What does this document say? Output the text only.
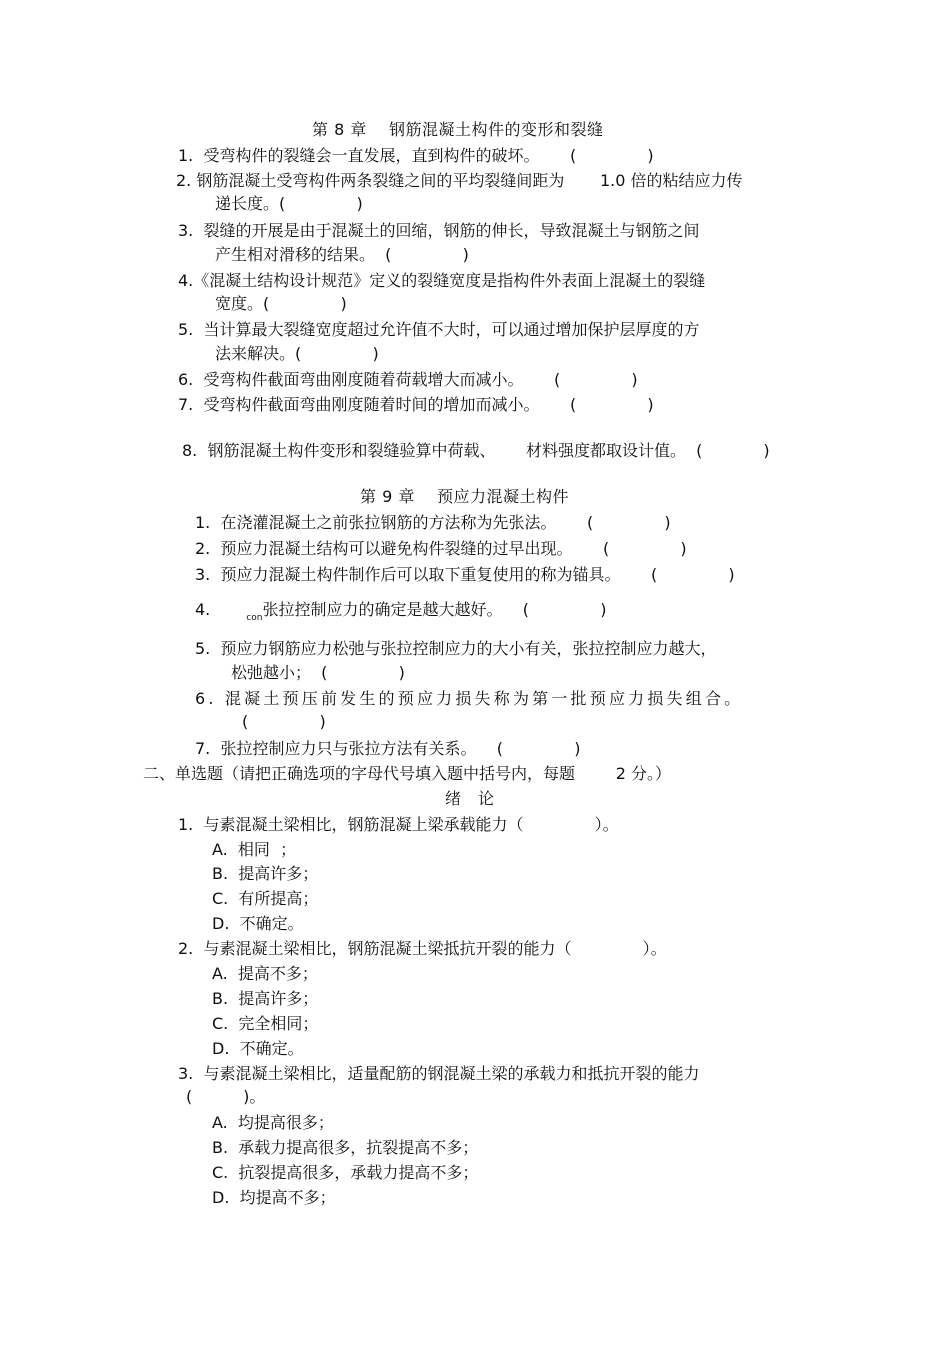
第 8 章　 钢筋混凝土构件的变形和裂缝
1.  受弯构件的裂缝会一直发展，直到构件的破坏。      (              )
2. 钢筋混凝土受弯构件两条裂缝之间的平均裂缝间距为       1.0 倍的粘结应力传
递长度。(              )
3.  裂缝的开展是由于混凝土的回缩，钢筋的伸长，导致混凝土与钢筋之间
产生相对滑移的结果。  (              )
4.《混凝土结构设计规范》定义的裂缝宽度是指构件外表面上混凝土的裂缝
宽度。(              )
5.  当计算最大裂缝宽度超过允许值不大时，可以通过增加保护层厚度的方
法来解决。(              )
6.  受弯构件截面弯曲刚度随着荷载增大而减小。      (              )
7.  受弯构件截面弯曲刚度随着时间的增加而减小。      (              )
8.  钢筋混凝土构件变形和裂缝验算中荷载、      材料强度都取设计值。  (            )
第 9 章　 预应力混凝土构件
1.  在浇灌混凝土之前张拉钢筋的方法称为先张法。      (              )
2.  预应力混凝土结构可以避免构件裂缝的过早出现。      (              )
3.  预应力混凝土构件制作后可以取下重复使用的称为锚具。      (              )
4.	$_{con}$张拉控制应力的确定是越大越好。    (              )
5.  预应力钢筋应力松弛与张拉控制应力的大小有关，张拉控制应力越大，
松弛越小；  (              )
6. 混凝土预压前发生的预应力损失称为第一批预应力损失组合。
(              )
7.  张拉控制应力只与张拉方法有关系。    (              )
二、单选题（请把正确选项的字母代号填入题中括号内，每题        2 分。）
绪　论
1.  与素混凝土梁相比，钢筋混凝上梁承载能力（              ）。
A.  相同  ；
B.  提高许多；
C.  有所提高；
D.  不确定。
2.  与素混凝土梁相比，钢筋混凝土梁抵抗开裂的能力（              ）。
A.  提高不多；
B.  提高许多；
C.  完全相同；
D.  不确定。
3.  与素混凝土梁相比，适量配筋的钢混凝土梁的承载力和抵抗开裂的能力
(          )。
A.  均提高很多；
B.  承载力提高很多，抗裂提高不多；
C.  抗裂提高很多，承载力提高不多；
D.  均提高不多；
